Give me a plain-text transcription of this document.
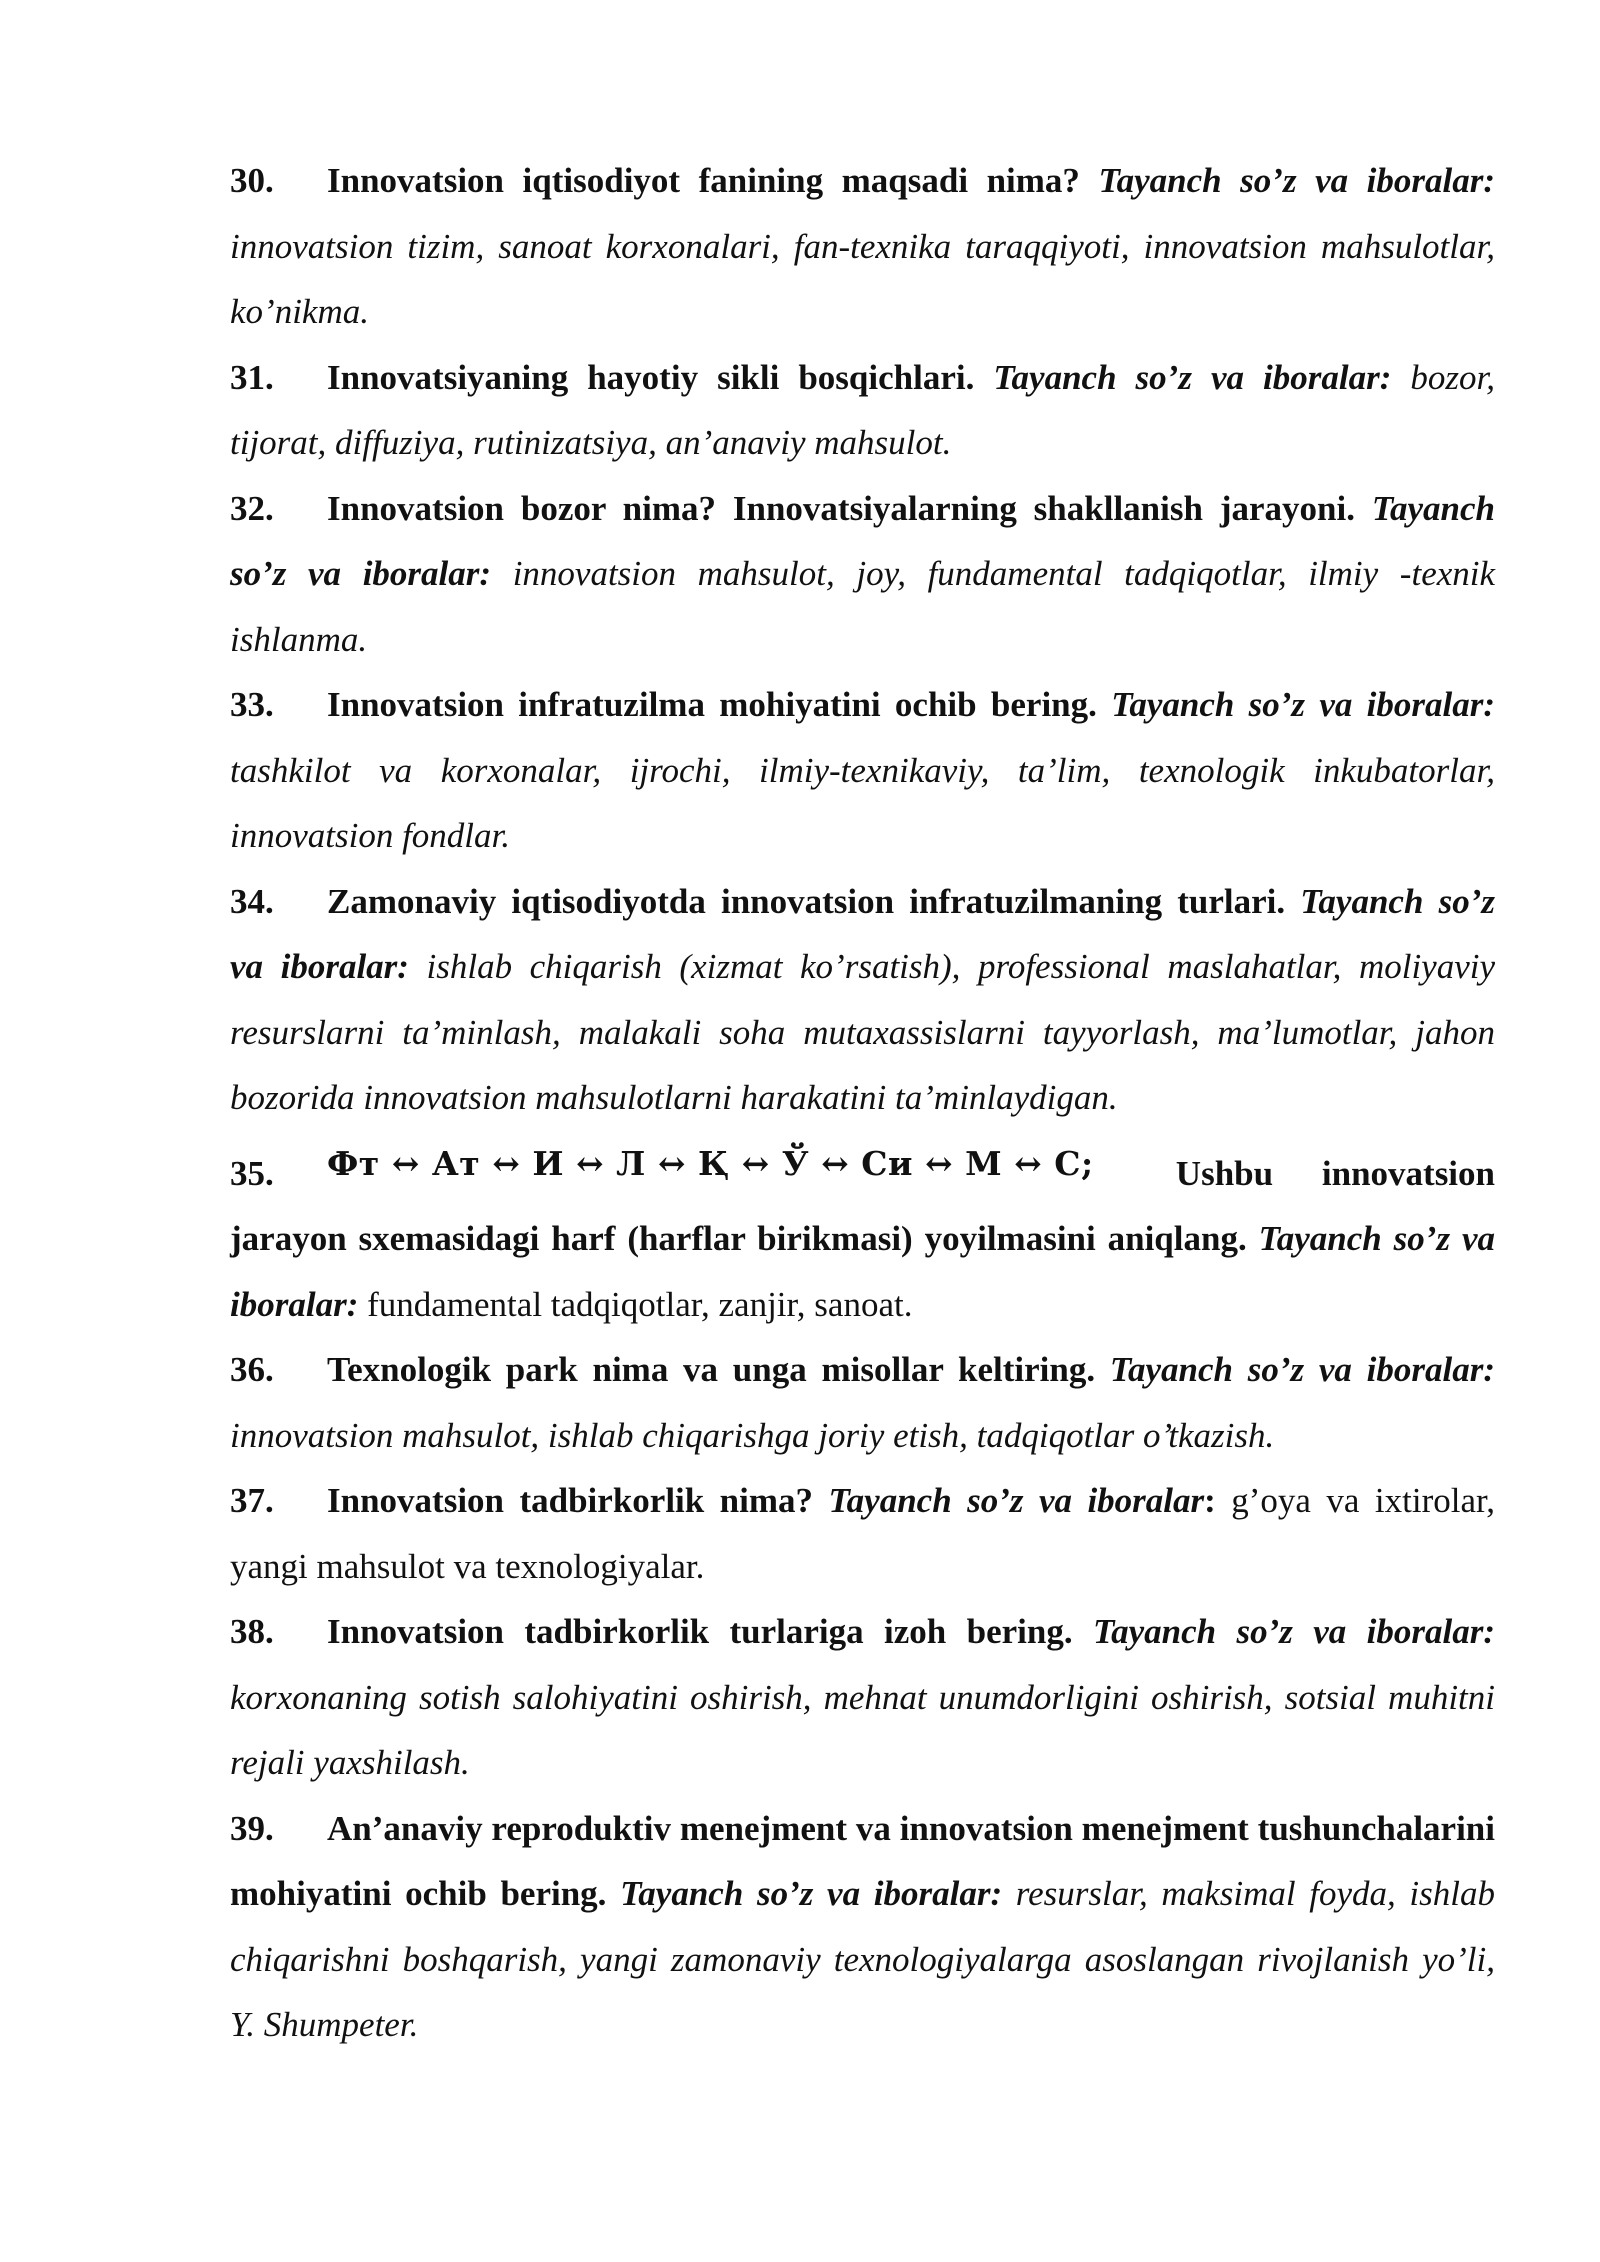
30. Innovatsion iqtisodiyot fanining maqsadi nima? Tayanch so’z va iboralar: innovatsion tizim, sanoat korxonalari, fan-texnika taraqqiyoti, innovatsion mahsulotlar, ko’nikma.

31. Innovatsiyaning hayotiy sikli bosqichlari. Tayanch so’z va iboralar: bozor, tijorat, diffuziya, rutinizatsiya, an’anaviy mahsulot.

32. Innovatsion bozor nima? Innovatsiyalarning shakllanish jarayoni. Tayanch so’z va iboralar: innovatsion mahsulot, joy, fundamental tadqiqotlar, ilmiy -texnik ishlanma.

33. Innovatsion infratuzilma mohiyatini ochib bering. Tayanch so’z va iboralar: tashkilot va korxonalar, ijrochi, ilmiy-texnikaviy, ta’lim, texnologik inkubatorlar, innovatsion fondlar.

34. Zamonaviy iqtisodiyotda innovatsion infratuzilmaning turlari. Tayanch so’z va iboralar: ishlab chiqarish (xizmat ko’rsatish), professional maslahatlar, moliyaviy resurslarni ta’minlash, malakali soha mutaxassislarni tayyorlash, ma’lumotlar, jahon bozorida innovatsion mahsulotlarni harakatini ta’minlaydigan.

35. Фт ↔ Ат ↔ И ↔ Л ↔ Қ ↔ Ў ↔ Си ↔ М ↔ С; Ushbu innovatsion jarayon sxemasidagi harf (harflar birikmasi) yoyilmasini aniqlang. Tayanch so’z va iboralar: fundamental tadqiqotlar, zanjir, sanoat.

36. Texnologik park nima va unga misollar keltiring. Tayanch so’z va iboralar: innovatsion mahsulot, ishlab chiqarishga joriy etish, tadqiqotlar o’tkazish.

37. Innovatsion tadbirkorlik nima? Tayanch so’z va iboralar: g’oya va ixtirolar, yangi mahsulot va texnologiyalar.

38. Innovatsion tadbirkorlik turlariga izoh bering. Tayanch so’z va iboralar: korxonaning sotish salohiyatini oshirish, mehnat unumdorligini oshirish, sotsial muhitni rejali yaxshilash.

39. An’anaviy reproduktiv menejment va innovatsion menejment tushunchalarini mohiyatini ochib bering. Tayanch so’z va iboralar: resurslar, maksimal foyda, ishlab chiqarishni boshqarish, yangi zamonaviy texnologiyalarga asoslangan rivojlanish yo’li, Y. Shumpeter.
